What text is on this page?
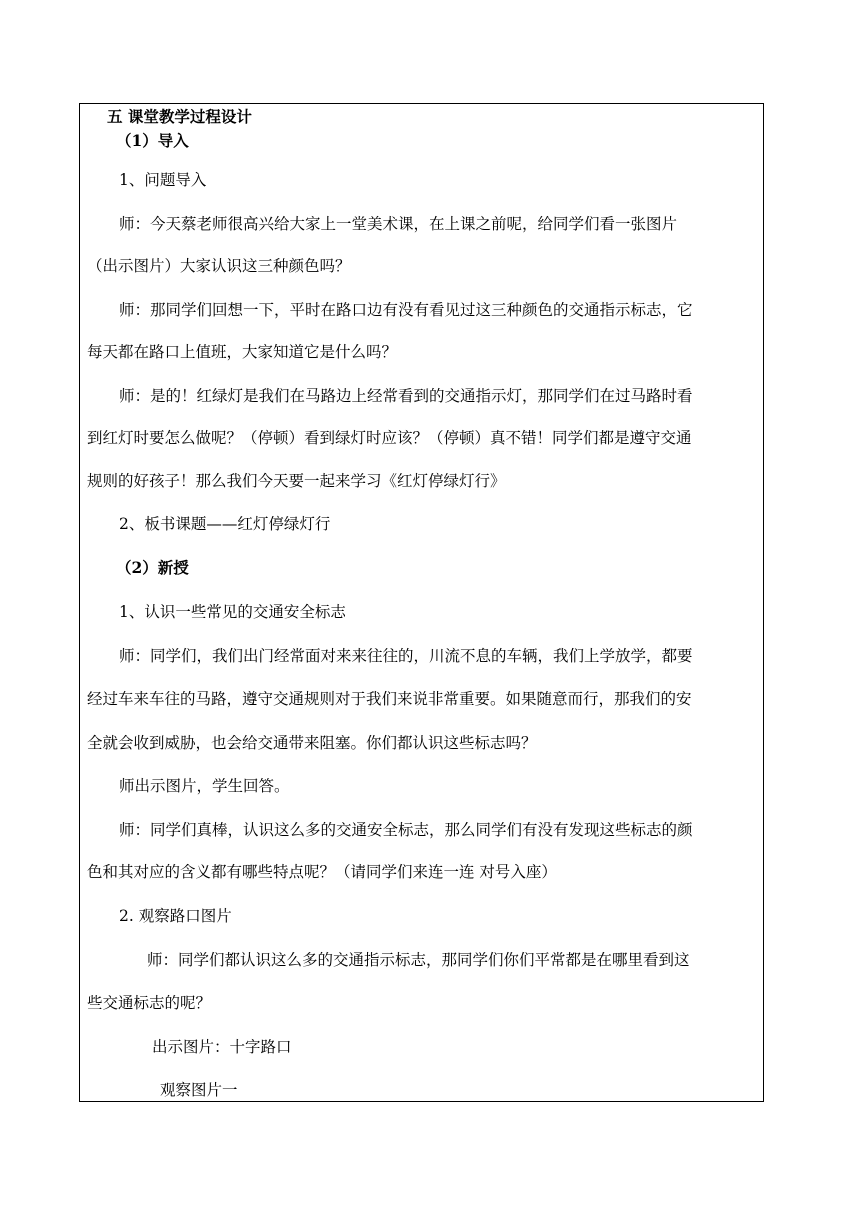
五 课堂教学过程设计
（1）导入
1、问题导入
师：今天蔡老师很高兴给大家上一堂美术课，在上课之前呢，给同学们看一张图片
（出示图片）大家认识这三种颜色吗？
师：那同学们回想一下，平时在路口边有没有看见过这三种颜色的交通指示标志，它
每天都在路口上值班，大家知道它是什么吗？
师：是的！红绿灯是我们在马路边上经常看到的交通指示灯，那同学们在过马路时看
到红灯时要怎么做呢？（停顿）看到绿灯时应该？（停顿）真不错！同学们都是遵守交通
规则的好孩子！那么我们今天要一起来学习《红灯停绿灯行》
2、板书课题——红灯停绿灯行
（2）新授
1、认识一些常见的交通安全标志
师：同学们，我们出门经常面对来来往往的，川流不息的车辆，我们上学放学，都要
经过车来车往的马路，遵守交通规则对于我们来说非常重要。如果随意而行，那我们的安
全就会收到威胁，也会给交通带来阻塞。你们都认识这些标志吗？
师出示图片，学生回答。
师：同学们真棒，认识这么多的交通安全标志，那么同学们有没有发现这些标志的颜
色和其对应的含义都有哪些特点呢？（请同学们来连一连 对号入座）
2. 观察路口图片
师：同学们都认识这么多的交通指示标志，那同学们你们平常都是在哪里看到这
些交通标志的呢？
出示图片：十字路口
观察图片一
